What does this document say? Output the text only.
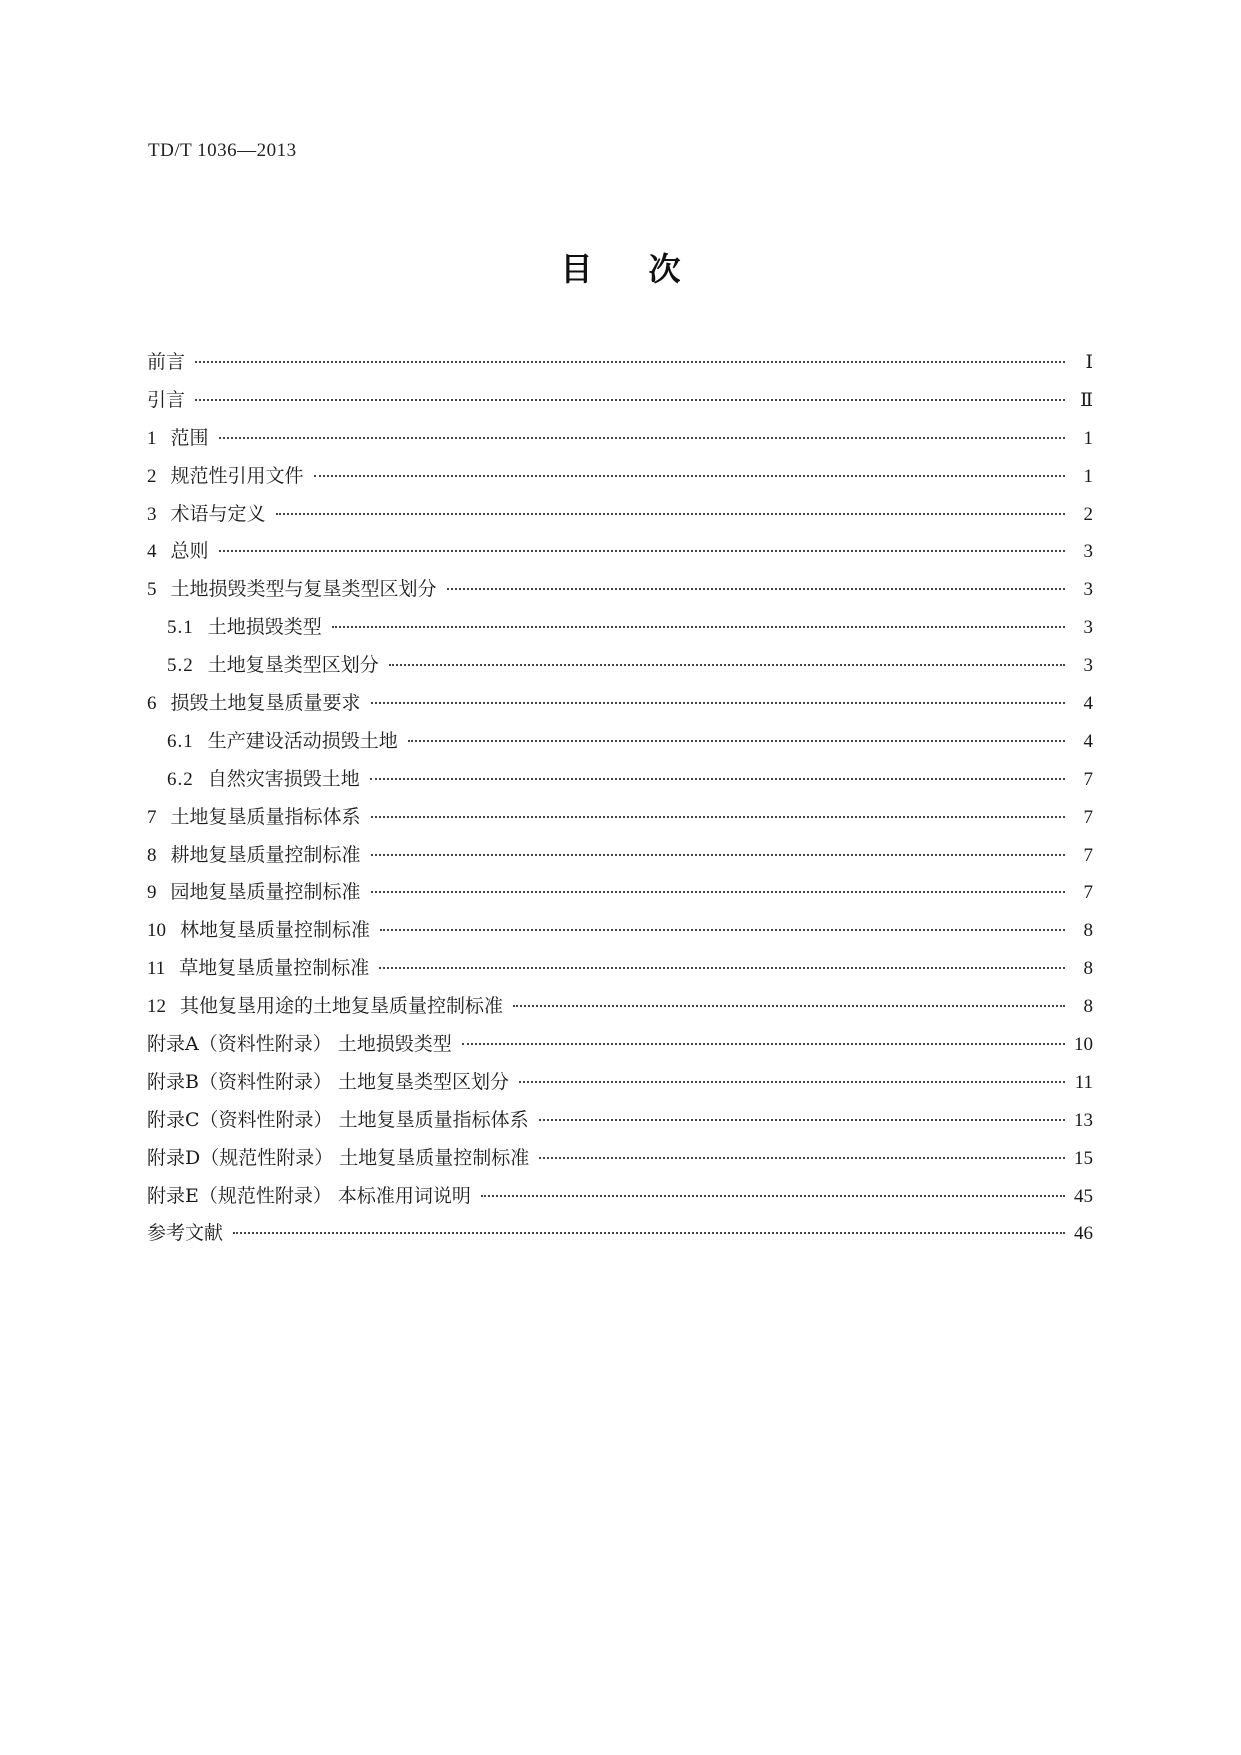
TD/T 1036—2013
目次
前言	Ⅰ
引言	Ⅱ
1 范围	1
2 规范性引用文件	1
3 术语与定义	2
4 总则	3
5 土地损毁类型与复垦类型区划分	3
5.1 土地损毁类型	3
5.2 土地复垦类型区划分	3
6 损毁土地复垦质量要求	4
6.1 生产建设活动损毁土地	4
6.2 自然灾害损毁土地	7
7 土地复垦质量指标体系	7
8 耕地复垦质量控制标准	7
9 园地复垦质量控制标准	7
10 林地复垦质量控制标准	8
11 草地复垦质量控制标准	8
12 其他复垦用途的土地复垦质量控制标准	8
附录A（资料性附录） 土地损毁类型	10
附录B（资料性附录） 土地复垦类型区划分	11
附录C（资料性附录） 土地复垦质量指标体系	13
附录D（规范性附录） 土地复垦质量控制标准	15
附录E（规范性附录） 本标准用词说明	45
参考文献	46
